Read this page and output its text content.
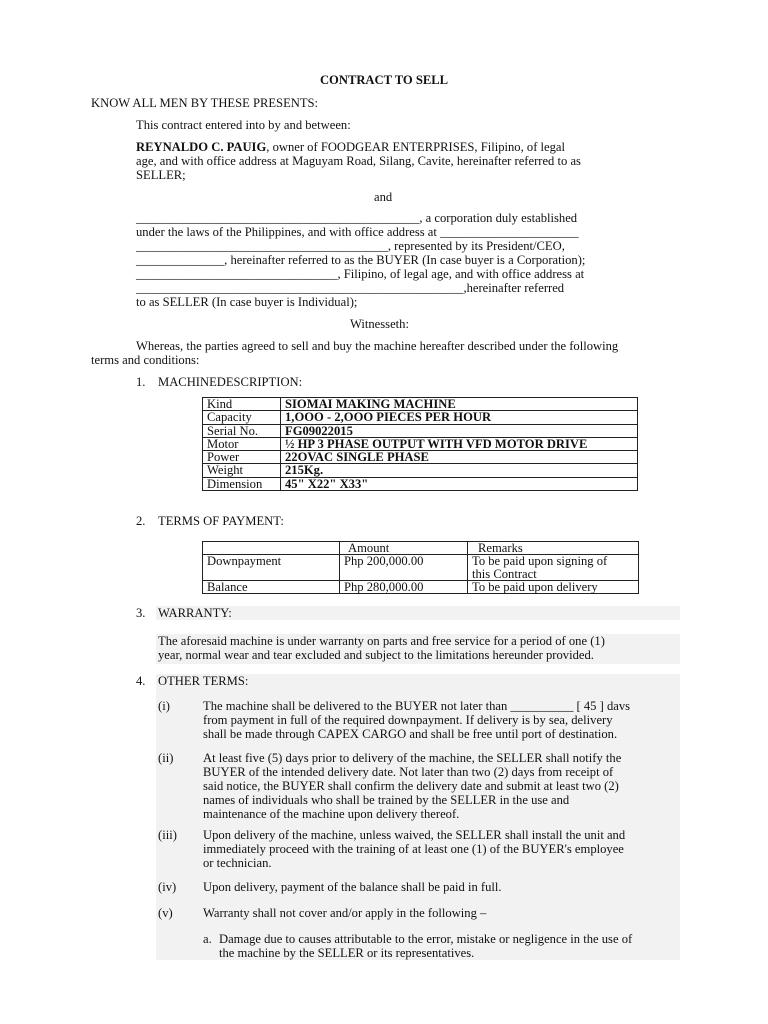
CONTRACT TO SELL
KNOW ALL MEN BY THESE PRESENTS:
This contract entered into by and between:

REYNALDO C. PAUIG, owner of FOODGEAR ENTERPRISES, Filipino, of legal

age, and with office address at Maguyam Road, Silang, Cavite, hereinafter referred to as

SELLER;

and

_____________________________________________, a corporation duly established

under the laws of the Philippines, and with office address at ______________________

________________________________________, represented by its President/CEO,

______________, hereinafter referred to as the BUYER (In case buyer is a Corporation);

________________________________, Filipino, of legal age, and with office address at

____________________________________________________,hereinafter referred

to as SELLER (In case buyer is Individual);

Witnesseth:

Whereas, the parties agreed to sell and buy the machine hereafter described under the following

terms and conditions:

1. MACHINEDESCRIPTION:
Kind	SIOMAI MAKING MACHINE
Capacity	1,OOO - 2,OOO PIECES PER HOUR
Serial No.	FG09022015
Motor	½ HP 3 PHASE OUTPUT WITH VFD MOTOR DRIVE
Power	22OVAC SINGLE PHASE
Weight	215Kg.
Dimension	45" X22" X33"
2. TERMS OF PAYMENT:
	Amount	Remarks
Downpayment	Php 200,000.00	To be paid upon signing of
this Contract
Balance	Php 280,000.00	To be paid upon delivery
3. WARRANTY:

The aforesaid machine is under warranty on parts and free service for a period of one (1)

year, normal wear and tear excluded and subject to the limitations hereunder provided.

4. OTHER TERMS:
(i)	The machine shall be delivered to the BUYER not later than __________ [ 45 ] davs

from payment in full of the required downpayment. If delivery is by sea, delivery

shall be made through CAPEX CARGO and shall be free until port of destination.

(ii) At least five (5) days prior to delivery of the machine, the SELLER shall notify the

BUYER of the intended delivery date. Not later than two (2) days from receipt of

said notice, the BUYER shall confirm the delivery date and submit at least two (2)

names of individuals who shall be trained by the SELLER in the use and

maintenance of the machine upon delivery thereof.

(iii) Upon delivery of the machine, unless waived, the SELLER shall install the unit and

immediately proceed with the training of at least one (1) of the BUYER's employee

or technician.

(iv) Upon delivery, payment of the balance shall be paid in full.

(v) Warranty shall not cover and/or apply in the following –

a. Damage due to causes attributable to the error, mistake or negligence in the use of

the machine by the SELLER or its representatives.
